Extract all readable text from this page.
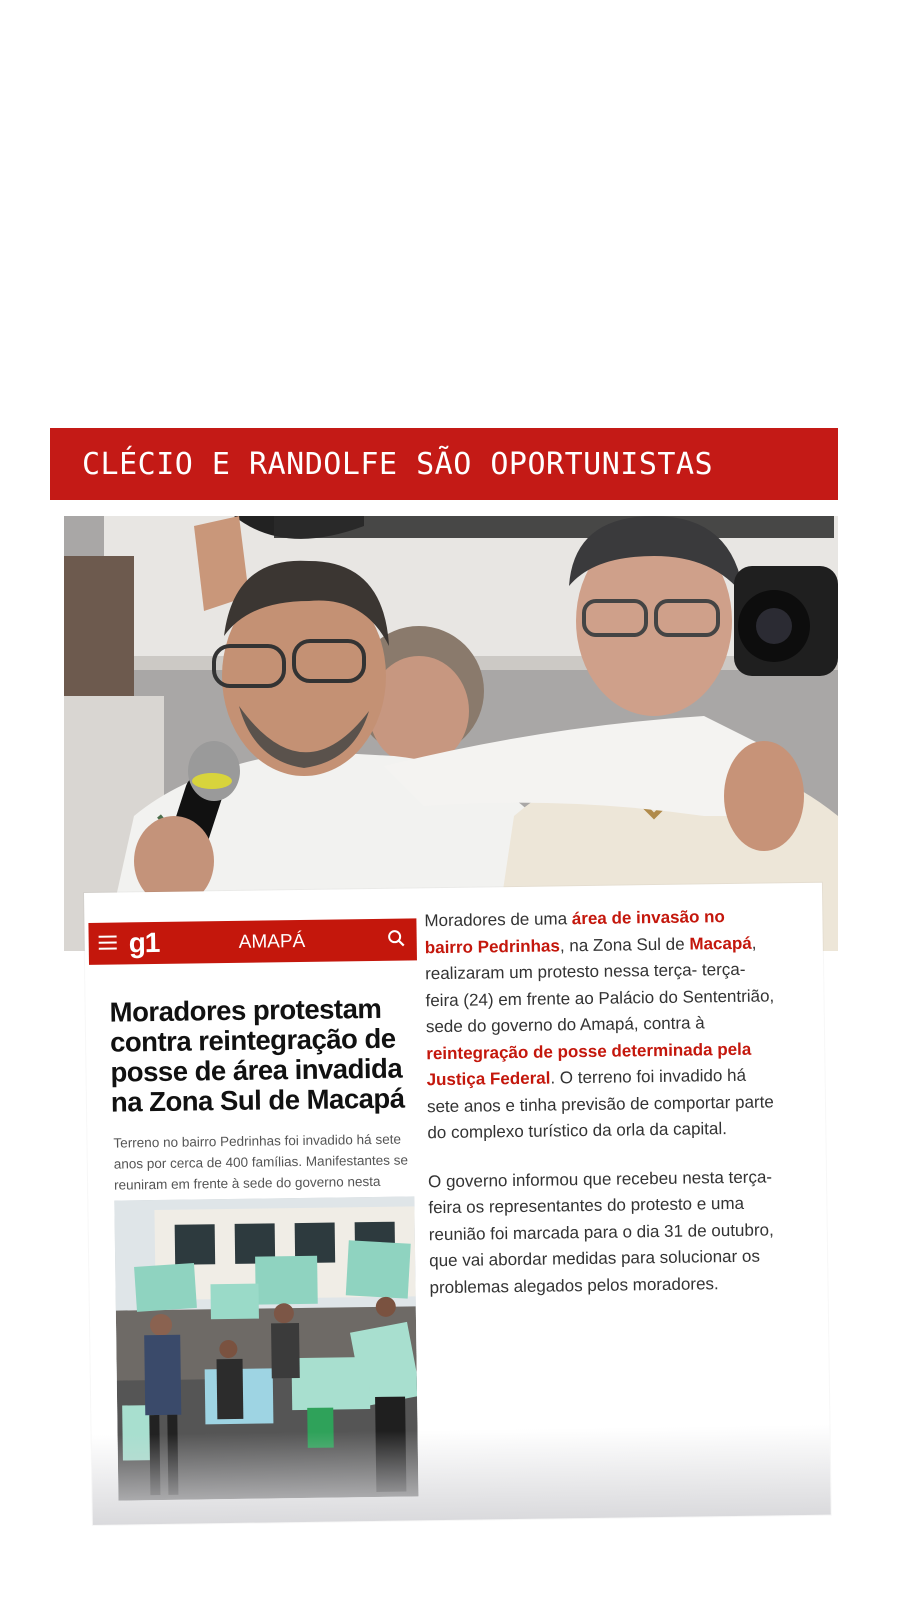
CLÉCIO E RANDOLFE SÃO OPORTUNISTAS
g1	AMAPÁ
Moradores protestam contra reintegração de posse de área invadida na Zona Sul de Macapá

Terreno no bairro Pedrinhas foi invadido há sete anos por cerca de 400 famílias. Manifestantes se reuniram em frente à sede do governo nesta

Moradores de uma área de invasão no bairro Pedrinhas, na Zona Sul de Macapá, realizaram um protesto nessa terça- terça-feira (24) em frente ao Palácio do Sententrião, sede do governo do Amapá, contra à reintegração de posse determinada pela Justiça Federal. O terreno foi invadido há sete anos e tinha previsão de comportar parte do complexo turístico da orla da capital.

O governo informou que recebeu nesta terça-feira os representantes do protesto e uma reunião foi marcada para o dia 31 de outubro, que vai abordar medidas para solucionar os problemas alegados pelos moradores.
